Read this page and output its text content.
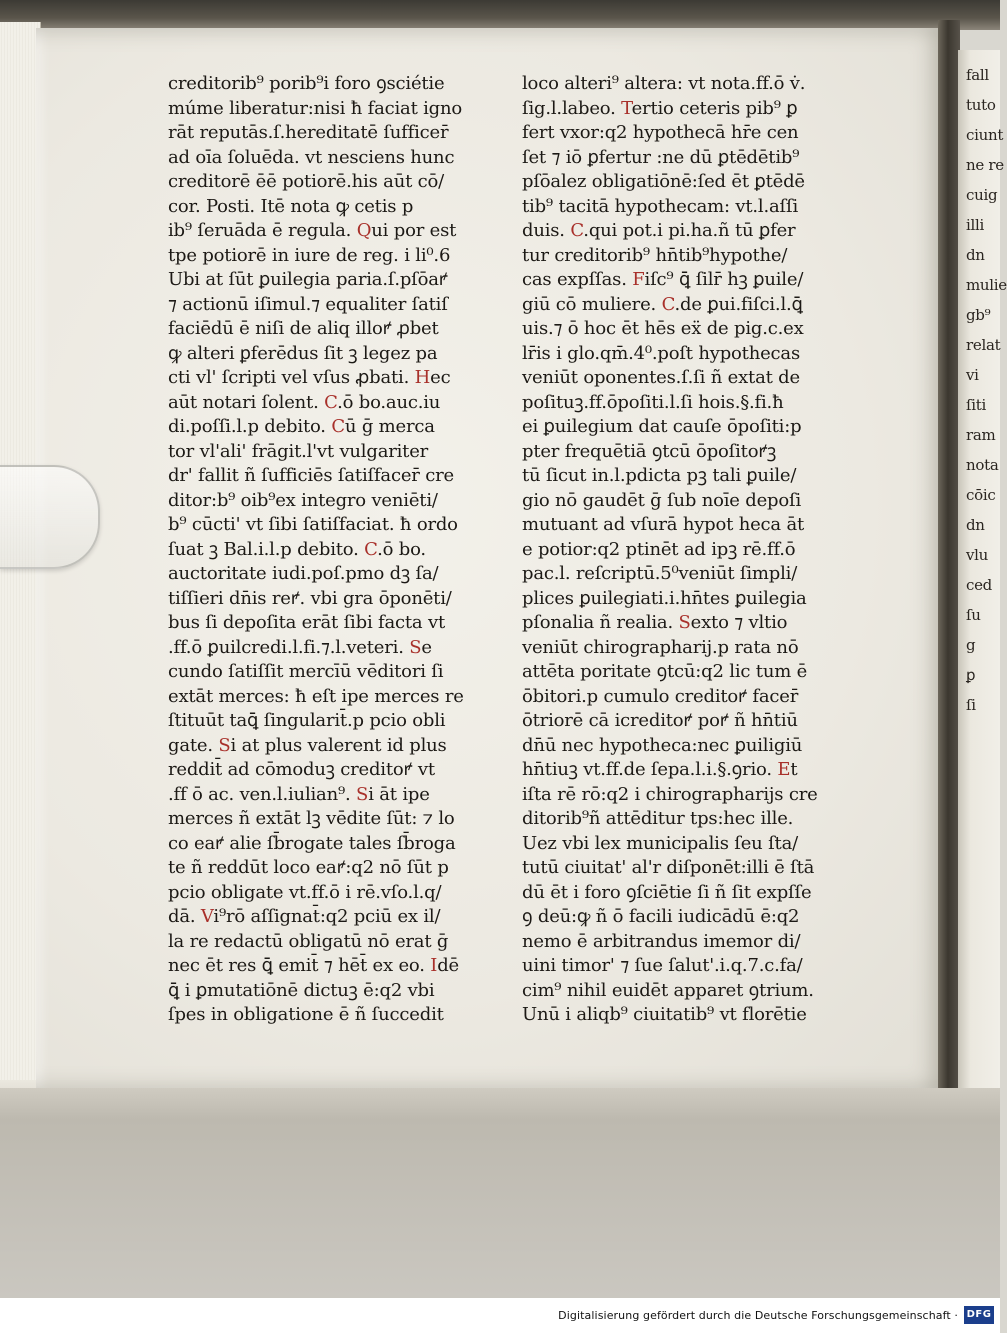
creditorib⁹ porib⁹i foro ꝯsciétie
múme liberatur:nisi ħ faciat igno
rāt reputās.ſ.hereditatē ſufficer̄
ad oīa ſoluēda. vt nesciens hunc
creditorē ēē potiorē.his aūt cō/
cor. Posti. Itē nota ꝙ cetis p
ib⁹ ſeruāda ē regula. Qui por est
tpe potiorē in iure de reg. i li⁰.6
Ubi at ſūt ꝑuilegia paria.ſ.pſōaꝵ
⁊ actionū iſimul.⁊ equaliter ſatiſ
faciēdū ē niſi de aliq illoꝵ ꝓbet
ꝙ alteri ꝑferēdus ſit ꝫ legez pa
cti vl' ſcripti vel vſus ꝓbati. Hec
aūt notari ſolent. C.ō bo.auc.iu
di.poſſi.l.p debito. Cū ḡ merca
tor vl'ali' frāgit.l'vt vulgariter
dr' fallit ñ ſufficiēs ſatiſfacer̄ cre
ditor:b⁹ oib⁹ex integro veniēti/
b⁹ cūcti' vt ſibi ſatiſfaciat. ħ ordo
ſuat ꝫ Bal.i.l.p debito. C.ō bo.
auctoritate iudi.poſ.pmo dꝫ ſa/
tiſſieri dn̄is reꝵ. vbi gra ōponēti/
bus ſi depoſita erāt ſibi facta vt
.ff.ō ꝑuilcredi.l.fi.⁊.l.veteri. Se
cundo ſatiſſit mercīū vēditori ſi
extāt merces: ħ eſt ipe merces re
ſtituūt taꝗ̄ ſingularit̄.p pcio obli
gate. Si at plus valerent id plus
reddit̄ ad cōmoduꝫ creditoꝵ vt
.ff ō ac. ven.l.iulian⁹. Si āt ipe
merces ñ extāt lꝫ vēdite ſūt: ⁊ lo
co eaꝵ alie ſb̄rogate tales ſb̄roga
te ñ reddūt loco eaꝵ:q2 nō ſūt p
pcio obligate vt.ff.ō i rē.vſo.l.q/
dā. Vi⁹rō aſſignat̄:q2 pciū ex il/
la re redactū obligatū nō erat ḡ
nec ēt res ꝗ̄ emit̄ ⁊ hēt̄ ex eo. Idē
ꝗ̄ i ꝑmutatiōnē dictuꝫ ē:q2 vbi
ſpes in obligatione ē ñ ſuccedit
loco alteri⁹ altera: vt nota.ff.ō v̇.
ſig.l.labeo. Tertio ceteris pib⁹ ꝑ
fert vxor:q2 hypothecā hr̄e cen
ſet ⁊ iō ꝑfertur :ne dū ꝑtēdētib⁹
pſōalez obligatiōnē:ſed ēt ꝑtēdē
tib⁹ tacitā hypothecam: vt.l.aſſi
duis. C.qui pot.i pi.ha.ñ tū ꝑfer
tur creditorib⁹ hn̄tib⁹hypothe/
cas expſſas. Fiſc⁹ ꝗ̄ ſilr̄ hꝫ ꝑuile/
giū cō muliere. C.de ꝑui.fiſci.l.ꝗ̄
uis.⁊ ō hoc ēt hēs eẍ de pig.c.ex
lr̄is i glo.qm̄.4⁰.poſt hypothecas
veniūt oponentes.ſ.ſi ñ extat de
poſituꝫ.ff.ōpoſiti.l.ſi hois.§.fi.ħ
ei ꝑuilegium dat cauſe ōpoſiti:p
pter frequētiā ꝯtcū ōpoſitoꝵꝫ
tū ſicut in.l.pdicta pꝫ tali ꝑuile/
gio nō gaudēt ḡ ſub noīe depoſi
mutuant ad vſurā hypot heca āt
e potior:q2 ptinēt ad ipꝫ rē.ff.ō
pac.l. reſcriptū.5⁰veniūt ſimpli/
plices ꝑuilegiati.i.hn̄tes ꝑuilegia
pſonalia ñ realia. Sexto ⁊ vltio
veniūt chirographarij.p rata nō
attēta poritate ꝯtcū:q2 lic tum ē
ōbitori.p cumulo creditoꝵ facer̄
ōtriorē cā icreditoꝵ poꝵ ñ hn̄tiū
dn̄ū nec hypotheca:nec ꝑuiligiū
hn̄tiuꝫ vt.ff.de ſepa.l.i.§.ꝯrio. Et
iſta rē rō:q2 i chirographarijs cre
ditorib⁹ñ attēditur tps:hec ille.
Uez vbi lex municipalis ſeu ſta/
tutū ciuitat' al'r diſponēt:illi ē ſtā
dū ēt i foro ꝯſciētie ſi ñ ſit expſſe
ꝯ deū:ꝙ ñ ō facili iudicādū ē:q2
nemo ē arbitrandus imemor di/
uini timor' ⁊ ſue ſalut'.i.q.7.c.fa/
cim⁹ nihil euidēt apparet ꝯtrium.
Unū i aliqb⁹ ciuitatib⁹ vt florētie
fall
tuto
ciunt
ne re
cuig
illi
dn
mulie
gb⁹
relat
vi
ſiti
ram
nota
cōic
dn
vlu
ced
ſu
g
ꝑ
ſi
Digitalisierung gefördert durch die Deutsche Forschungsgemeinschaft · DFG
